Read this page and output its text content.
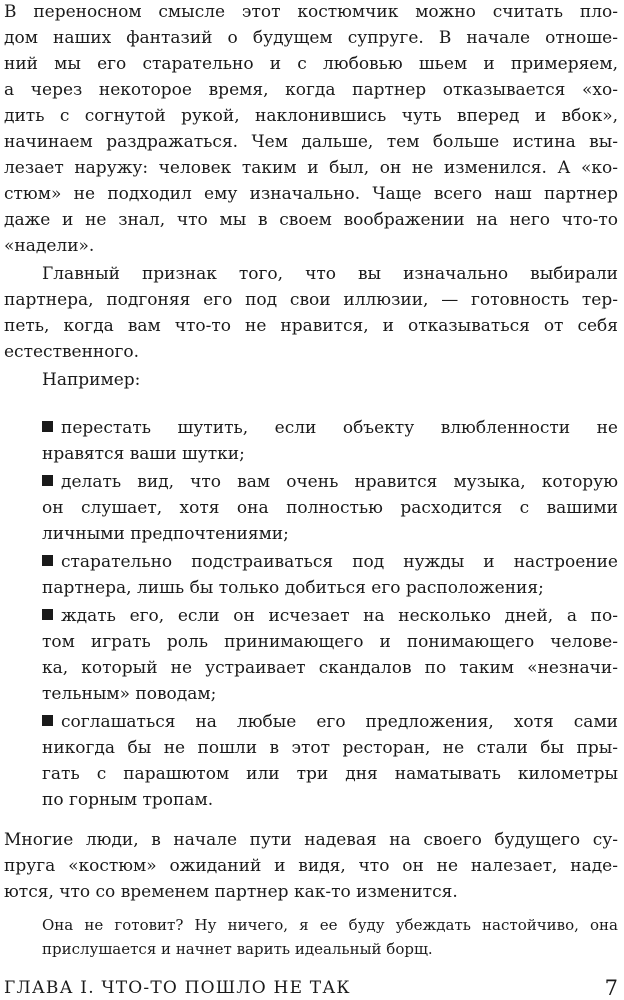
В переносном смысле этот костюмчик можно считать пло-
дом наших фантазий о будущем супруге. В начале отноше-
ний мы его старательно и с любовью шьем и примеряем,
а через некоторое время, когда партнер отказывается «хо-
дить с согнутой рукой, наклонившись чуть вперед и вбок»,
начинаем раздражаться. Чем дальше, тем больше истина вы-
лезает наружу: человек таким и был, он не изменился. А «ко-
стюм» не подходил ему изначально. Чаще всего наш партнер
даже и не знал, что мы в своем воображении на него что-то
«надели».
Главный признак того, что вы изначально выбирали
партнера, подгоняя его под свои иллюзии, — готовность тер-
петь, когда вам что-то не нравится, и отказываться от себя
естественного.
Например:
перестать шутить, если объекту влюбленности не
нравятся ваши шутки;
делать вид, что вам очень нравится музыка, которую
он слушает, хотя она полностью расходится с вашими
личными предпочтениями;
старательно подстраиваться под нужды и настроение
партнера, лишь бы только добиться его расположения;
ждать его, если он исчезает на несколько дней, а по-
том играть роль принимающего и понимающего челове-
ка, который не устраивает скандалов по таким «незначи-
тельным» поводам;
соглашаться на любые его предложения, хотя сами
никогда бы не пошли в этот ресторан, не стали бы пры-
гать с парашютом или три дня наматывать километры
по горным тропам.
Многие люди, в начале пути надевая на своего будущего су-
пруга «костюм» ожиданий и видя, что он не налезает, наде-
ются, что со временем партнер как-то изменится.
Она не готовит? Ну ничего, я ее буду убеждать настойчиво, она
прислушается и начнет варить идеальный борщ.
ГЛАВА I. ЧТО-ТО ПОШЛО НЕ ТАК	7
